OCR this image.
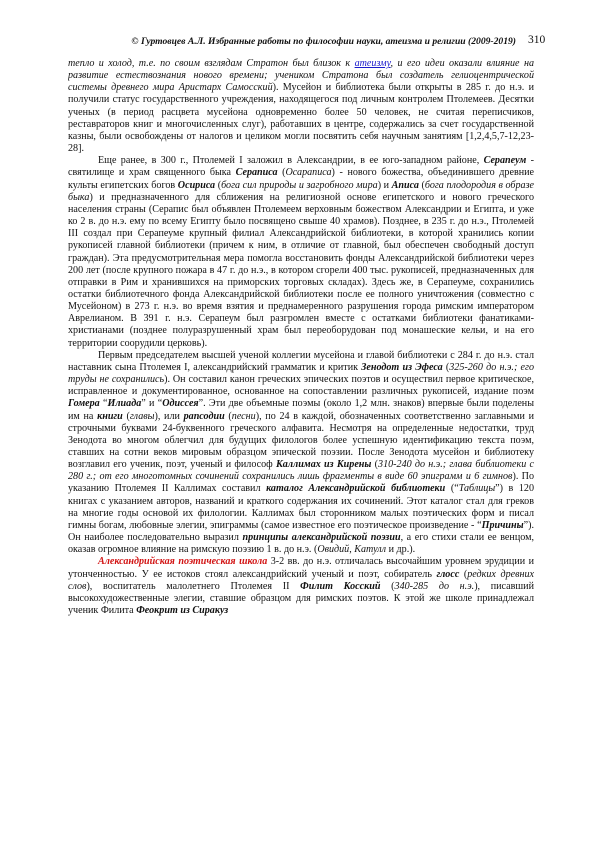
© Гуртовцев А.Л. Избранные работы по философии науки, атеизма и религии (2009-2019) 310

тепло и холод, т.е. по своим взглядам Стратон был близок к атеизму, и его идеи оказали влияние на развитие естествознания нового времени; учеником Стратона был создатель гелиоцентрической системы древнего мира Аристарх Самосский). Мусейон и библиотека были открыты в 285 г. до н.э. и получили статус государственного учреждения, находящегося под личным контролем Птолемеев. Десятки ученых (в период расцвета мусейона одновременно более 50 человек, не считая переписчиков, реставраторов книг и многочисленных слуг), работавших в центре, содержались за счет государственной казны, были освобождены от налогов и целиком могли посвятить себя научным занятиям [1,2,4,5,7-12,23-28].

Еще ранее, в 300 г., Птолемей I заложил в Александрии, в ее юго-западном районе, Серапеум - святилище и храм священного быка Сераписа (Осараписа) - нового божества, объединившего древние культы египетских богов Осириса (бога сил природы и загробного мира) и Аписа (бога плодородия в образе быка) и предназначенного для сближения на религиозной основе египетского и нового греческого населения страны (Серапис был объявлен Птолемеем верховным божеством Александрии и Египта, и уже ко 2 в. до н.э. ему по всему Египту было посвящено свыше 40 храмов). Позднее, в 235 г. до н.э., Птолемей III создал при Серапеуме крупный филиал Александрийской библиотеки, в которой хранились копии рукописей главной библиотеки (причем к ним, в отличие от главной, был обеспечен свободный доступ граждан). Эта предусмотрительная мера помогла восстановить фонды Александрийской библиотеки через 200 лет (после крупного пожара в 47 г. до н.э., в котором сгорели 400 тыс. рукописей, предназначенных для отправки в Рим и хранившихся на приморских торговых складах). Здесь же, в Серапеуме, сохранились остатки библиотечного фонда Александрийской библиотеки после ее полного уничтожения (совместно с Мусейоном) в 273 г. н.э. во время взятия и преднамеренного разрушения города римским императором Аврелианом. В 391 г. н.э. Серапеум был разгромлен вместе с остатками библиотеки фанатиками-христианами (позднее полуразрушенный храм был переоборудован под монашеские кельи, и на его территории соорудили церковь).

Первым председателем высшей ученой коллегии мусейона и главой библиотеки с 284 г. до н.э. стал наставник сына Птолемея I, александрийский грамматик и критик Зенодот из Эфеса (325-260 до н.э.; его труды не сохранились). Он составил канон греческих эпических поэтов и осуществил первое критическое, исправленное и документированное, основанное на сопоставлении различных рукописей, издание поэм Гомера “Илиада” и “Одиссея”. Эти две объемные поэмы (около 1,2 млн. знаков) впервые были поделены им на книги (главы), или рапсодии (песни), по 24 в каждой, обозначенных соответственно заглавными и строчными буквами 24-буквенного греческого алфавита. Несмотря на определенные недостатки, труд Зенодота во многом облегчил для будущих филологов более успешную идентификацию текста поэм, ставших на сотни веков мировым образцом эпической поэзии. После Зенодота мусейон и библиотеку возглавил его ученик, поэт, ученый и философ Каллимах из Кирены (310-240 до н.э.; глава библиотеки с 280 г.; от его многотомных сочинений сохранились лишь фрагменты в виде 60 эпиграмм и 6 гимнов). По указанию Птолемея II Каллимах составил каталог Александрийской библиотеки (“Таблицы”) в 120 книгах с указанием авторов, названий и краткого содержания их сочинений. Этот каталог стал для греков на многие годы основой их филологии. Каллимах был сторонником малых поэтических форм и писал гимны богам, любовные элегии, эпиграммы (самое известное его поэтическое произведение - “Причины”). Он наиболее последовательно выразил принципы александрийской поэзии, а его стихи стали ее венцом, оказав огромное влияние на римскую поэзию 1 в. до н.э. (Овидий, Катулл и др.).

Александрийская поэтическая школа 3-2 вв. до н.э. отличалась высочайшим уровнем эрудиции и утонченностью. У ее истоков стоял александрийский ученый и поэт, собиратель глосс (редких древних слов), воспитатель малолетнего Птолемея II Филит Косский (340-285 до н.э.), писавший высокохудожественные элегии, ставшие образцом для римских поэтов. К этой же школе принадлежал ученик Филита Феокрит из Сиракуз
